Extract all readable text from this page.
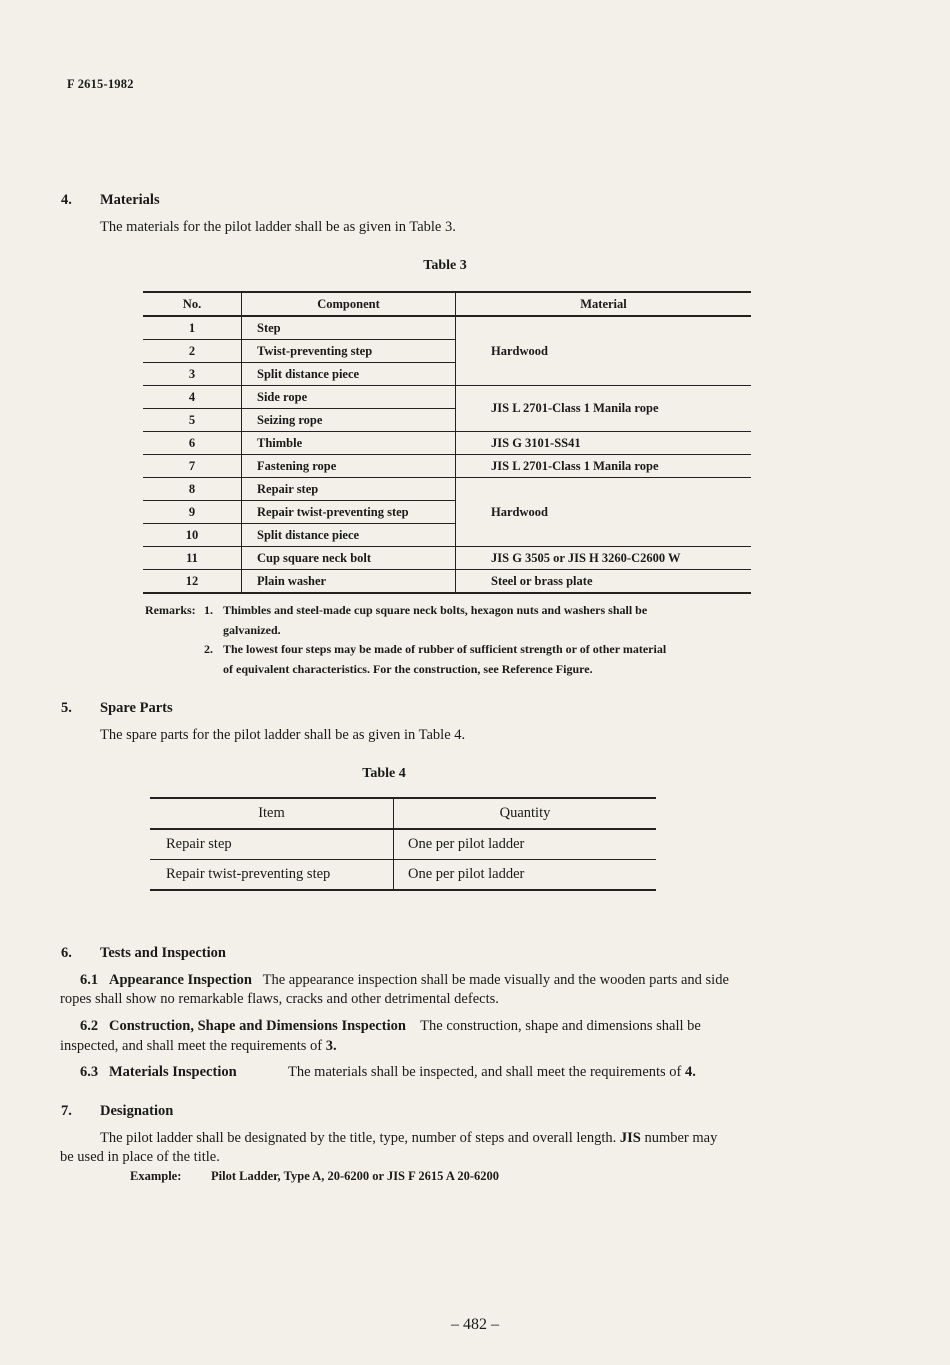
F 2615-1982
4. Materials
The materials for the pilot ladder shall be as given in Table 3.
Table 3
No.	Component	Material
1	Step	Hardwood
2	Twist-preventing step	
3	Split distance piece	
4	Side rope	JIS L 2701-Class 1 Manila rope
5	Seizing rope	
6	Thimble	JIS G 3101-SS41
7	Fastening rope	JIS L 2701-Class 1 Manila rope
8	Repair step	Hardwood
9	Repair twist-preventing step	
10	Split distance piece	
11	Cup square neck bolt	JIS G 3505 or JIS H 3260-C2600 W
12	Plain washer	Steel or brass plate
Remarks: 1. Thimbles and steel-made cup square neck bolts, hexagon nuts and washers shall be
galvanized.
2. The lowest four steps may be made of rubber of sufficient strength or of other material
of equivalent characteristics. For the construction, see Reference Figure.
5. Spare Parts
The spare parts for the pilot ladder shall be as given in Table 4.
Table 4
Item	Quantity
Repair step	One per pilot ladder
Repair twist-preventing step	One per pilot ladder
6. Tests and Inspection
6.1 Appearance Inspection The appearance inspection shall be made visually and the wooden parts and side
ropes shall show no remarkable flaws, cracks and other detrimental defects.
6.2 Construction, Shape and Dimensions Inspection The construction, shape and dimensions shall be
inspected, and shall meet the requirements of 3.
6.3 Materials Inspection	The materials shall be inspected, and shall meet the requirements of 4.
7. Designation
The pilot ladder shall be designated by the title, type, number of steps and overall length. JIS number may
be used in place of the title.
Example: Pilot Ladder, Type A, 20-6200 or JIS F 2615 A 20-6200
– 482 –
